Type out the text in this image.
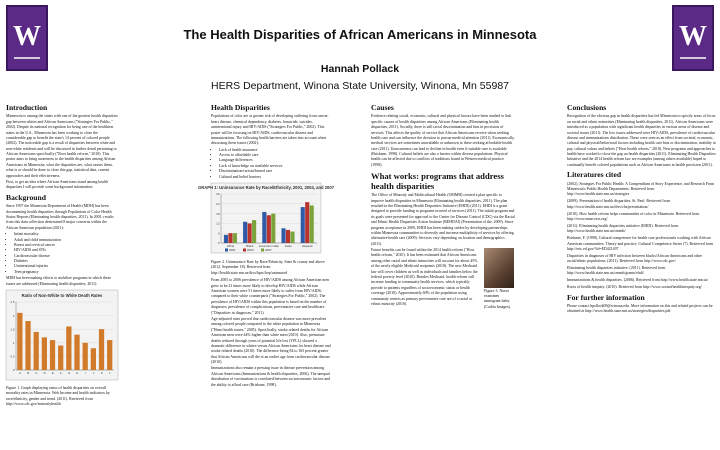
W	W
The Health Disparities of African Americans in Minnesota
Hannah Pollack
HERS Department, Winona State University, Winona, Mn 55987
Introduction

Minnesota is among the states with one of the greatest health disparities gap between whites and African Americans ("Strategies For Public," 2002). Despite its national recognition for being one of the healthiest states in the U.S., Minnesota has been working to close the considerable gap to benefit the state's 14 percent of colored people (2002). The noticeable gap is a result of disparities between white and non-white residents and will be discussed in further detail pertaining to African Americans specifically ("Root health reform," 2010). This poster aims to bring awareness to the health disparities among African Americans in Minnesota; what the disparities are, what causes them, what is or should be done to close this gap, statistical data, current approaches and their effectiveness.

First, to get an idea where African Americans stand among health disparities I will provide some background information:

Background

Since 1997 the Minnesota Department of Health (MDH) has been documenting health disparities through Populations of Color Health Status Reports (Eliminating health disparities, 2011). In 2001, results from this data collection determined 8 major concerns within the African American population (2011):

• Infant mortality
• Adult and child immunization
• Breast and cervical cancer
• HIV/AIDS and STIs
• Cardiovascular disease
• Diabetes
• Unintentional injuries
• Teen pregnancy

MDH has been making efforts to mobilize programs in which these issues are addressed (Eliminating health disparities, 2011).

Ratio of Non-White to White Death Rates
0
0.5
1
1.5
2
2.5
A B C D E F G H I	J K L

Figure 1. Graph displaying ratios of health disparities on overall mortality rates in Minnesota. Web Income and health indicators by race/ethnicity, gender and trend. (2011). Retrieved from http://www.cdc.gov/minorityhealth

Health Disparities

Populations of color are at greater risk of developing suffering from cancer, heart disease, chemical dependency, diabetes, homicide, suicides, unintentional injury and HIV/AIDS ("Strategies For Public," 2002). This poster will be focusing on HIV/AIDS, cardiovascular disease and immunizations. The following health barriers are taken into account when discussing these issues (2002):

• Lack of health insurance
• Access to affordable care
• Language differences
• Lack of knowledge on available services
• Discrimination/racism/biased care
• Cultural and belief barriers
GRAPH 1: Uninsurance Rate by Race/Ethnicity, 2001, 2004, and 2007
0
6
12
18
24
30
White	Black American Indian Asian	Hispanic
2001	2004	2007

Figure 2. Uninsurance Rate by Race/Ethnicity, State & county and above (2012, September 18). Retrieved from http://health.state.mn.us/divs/hpsc/hep/uninsured

From 2005 to 2006 prevalence of HIV/AIDS among African American men grew to be 21 times more likely to develop HIV/AIDS while African American women were 51 times more likely to suffer from HIV/AIDS, compared to their white counterparts ("Strategies For Public," 2002). The prevalence of HIV/AIDS within this population is based on the number of diagnoses, prevalence of complications, preventative care and healthcare ("Disparities in diagnoses," 2011).

Age-adjusted rates proved that cardiovascular disease was more prevalent among colored people compared to the white population in Minnesota ("Heart health issues," 2005). Specifically, stroke related deaths for African American men were 44% higher than white men (2010). Also, premature deaths reduced through years of potential life lost (YPLL) showed a dramatic difference in whites versus African Americans for heart disease and stroke related deaths (2010). The difference being 84 to 165 percent greater that African Americans will die at an earlier age from cardiovascular disease (2010).

Immunizations also remain a pressing issue in disease prevention among African Americans (Immunizations & health disparities, 2006). The unequal distribution of vaccinations is correlated between socioeconomic factors and the ability to afford care (Brisbane, 1998).

Causes

Evidence relating social, economic, cultural and physical factors have been studied to link specific causes of health disparities among African Americans (Eliminating health disparities, 2011). Socially, there is still racial discrimination and bias in provision of services. This affects the quality of service that African Americans receive when seeking health care and can influence the decision to pursue medical attention (2011). Economically, medical services are sometimes unavailable or unknown to these seeking affordable health care (2011). Unawareness can lead to decline in health even if suitable care is available (Brisbane, 1998). Cultural beliefs are also a barrier within diverse populations. Physical health can be affected due to conflicts of traditions found in Western medical practice (1998).

What works: programs that address health disparities

The Office of Minority and Multicultural Health (OMMH) created a plan specific to improve health disparities in Minnesota (Eliminating health disparities, 2011). The plan resulted in the Eliminating Health Disparities Initiative (EHDI) (2011). EHDI is a grant designed to provide funding to programs in need of services (2011). The initial program and its goals were presented for approval to the Center for Disease Control (CDC) via the Racial and Ethnic Health Disparities Action Institute (REHDAI) (Presentation of the, 2009). Since program acceptance in 2009, EHDI has been making strides by developing partnerships within Minnesota communities to diversify and increase multiplicity of services by offering alternative health care (2009). Services vary depending on location and demographics (2011).

Future benefits can be found within the 2014 health reform ("How health reform," 2010). It has been estimated that African Americans among other racial and ethnic minorities will account for about 45% of the newly eligible Medicaid recipients (2010). The new Medicaid law will cover children as well as individuals and families below the federal poverty level (2010). Besides Medicaid, health reform will increase funding to community health services, which typically provide to patients regardless of socioeconomic status or health coverage (2010). Approximately 60% of the population using community centers as primary preventative care are of a racial or ethnic minority (2010).

Figure 3. Nurse examines immigrant baby (Corbis Images).

Conclusions

Recognition of the obvious gap in health disparities has led Minnesota to specify areas of focus on racial and ethnic minorities (Eliminating health disparities, 2011). African Americans were introduced as a population with significant health disparities in various areas of disease and societal issues (2011). The low issues addressed were HIV/AIDS, prevalence of cardiovascular disease and immunizations distribution. These were seen as an effect from societal, economic, cultural and physical/behavioral factors including health care bias or discrimination, inability to pay, cultural values and beliefs ("How health reform," 2010). New programs and approaches to health have worked to close the gap on health disparities (2011). Eliminating Health Disparities Initiative and the 2014 health reform law are examples (among others available) hoped to continually benefit colored populations such as African Americans in health provision (2011).

Literatures cited

(2002). Strategies For Public Health: A Compendium of Story Experience, and Research From Minnesota's Public Health Departments. Retrieved from http://www.health.state.mn.us/strategies

(2009). Presentation of health disparities. St. Paul: Retrieved from http://www.health.state.mn.us/divs/chs/presentation/

(2010). How health reform helps communities of color in Minnesota. Retrieved from http://www.mnaccess.org/

(2011). Eliminating health disparities initiative (EHDI). Retrieved from http://www.health.state.mn.us/ommh/

Brisbane, F. (1998). Cultural competence for health care professionals working with African American communities: Theory and practice. Cultural Competence Series (7). Retrieved from http://eric.ed.gov/?id=ED421497

Disparities in diagnoses of HIV infection between blacks/African Americans and other racial/ethnic populations. (2011). Retrieved from http://www.cdc.gov/

Eliminating health disparities initiative. (2011). Retrieved from http://www.health.state.mn.us/ommh/grants/ehdi/

Immunizations & health disparities. (2006). Retrieved from http://www.health.state.mn.us/

Roots of health inequity. (2010). Retrieved from http://www.rootsofhealthinequity.org/

For further information

Please contact hpollack09@winona.edu. More information on this and related projects can be obtained at http://www.health.state.mn.us/strategies/disparities.pdf
